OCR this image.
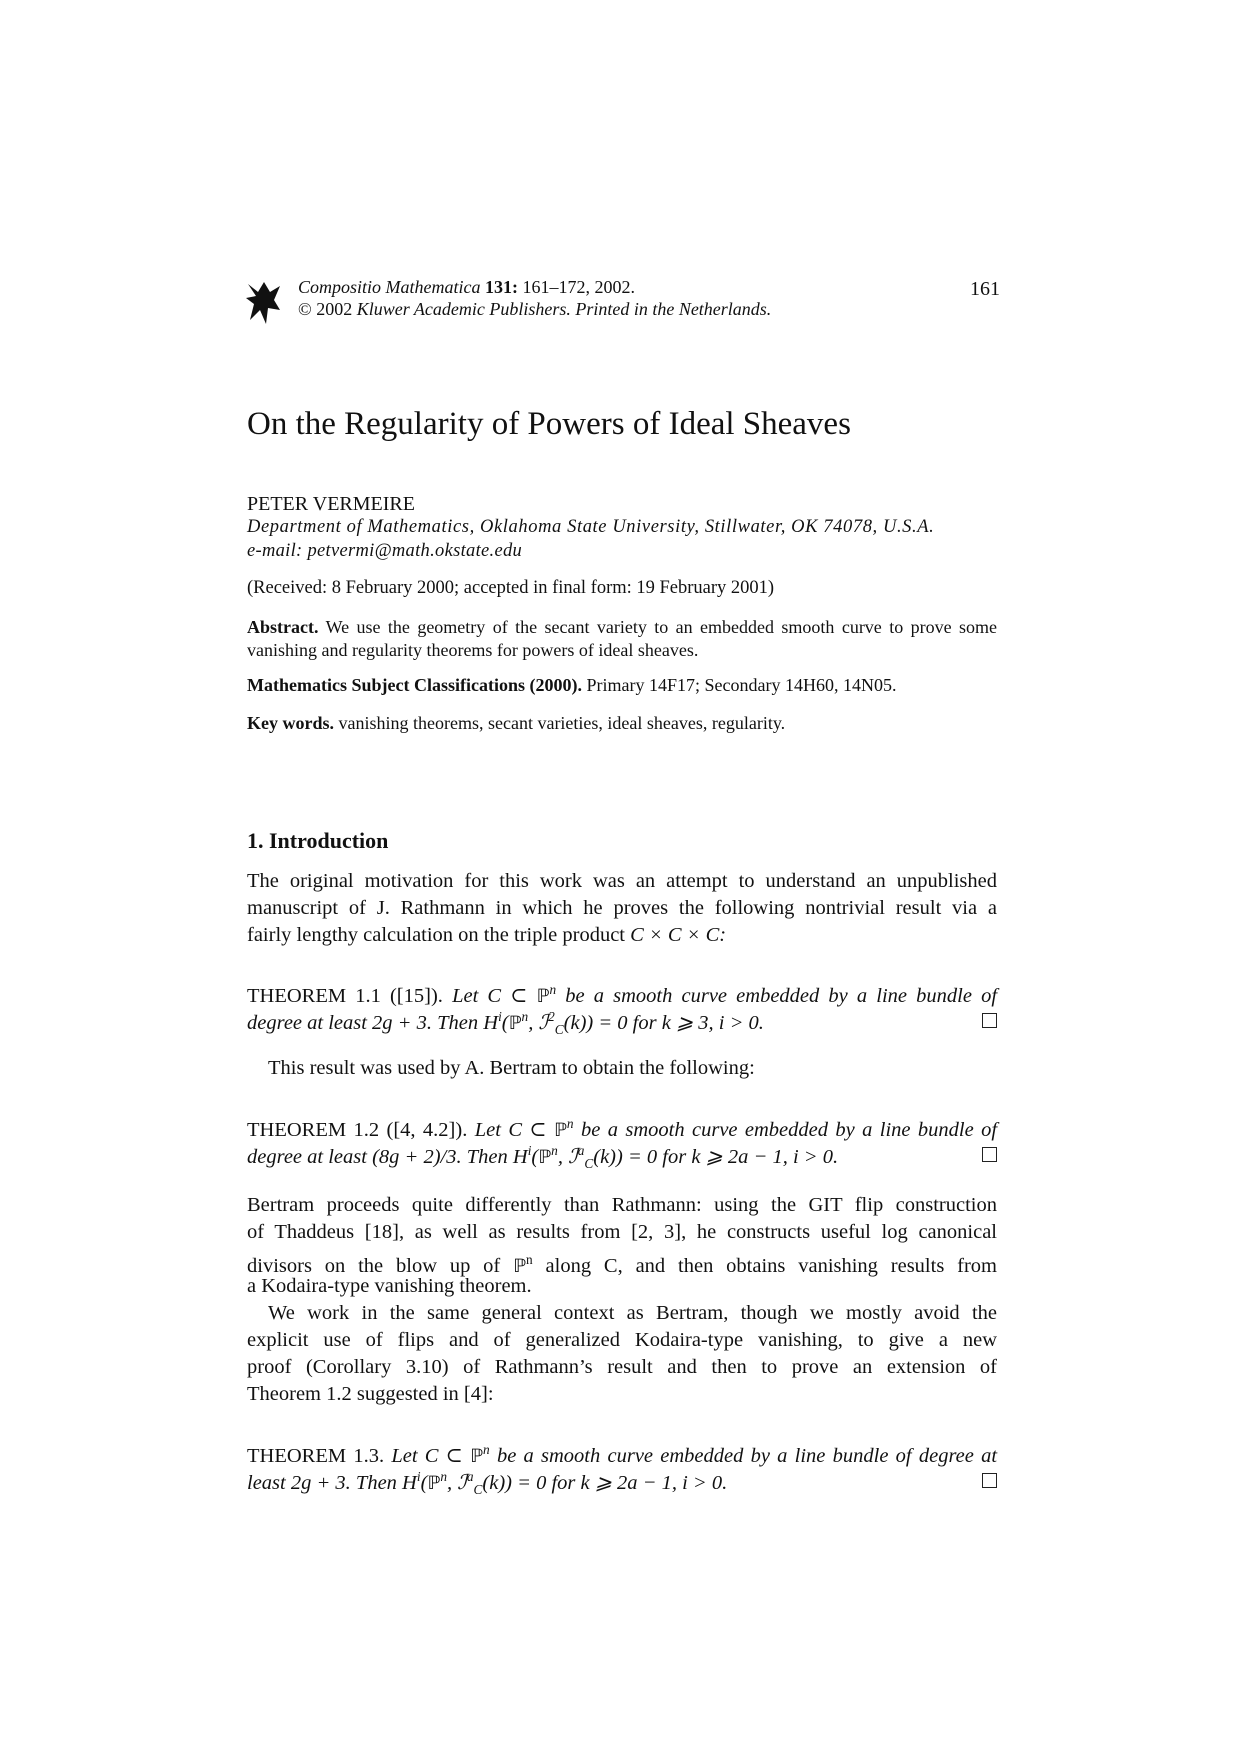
Compositio Mathematica 131: 161–172, 2002.
© 2002 Kluwer Academic Publishers. Printed in the Netherlands.
161
On the Regularity of Powers of Ideal Sheaves
PETER VERMEIRE
Department of Mathematics, Oklahoma State University, Stillwater, OK 74078, U.S.A.
e-mail: petvermi@math.okstate.edu
(Received: 8 February 2000; accepted in final form: 19 February 2001)
Abstract. We use the geometry of the secant variety to an embedded smooth curve to prove some vanishing and regularity theorems for powers of ideal sheaves.
Mathematics Subject Classifications (2000). Primary 14F17; Secondary 14H60, 14N05.
Key words. vanishing theorems, secant varieties, ideal sheaves, regularity.
1. Introduction
The original motivation for this work was an attempt to understand an unpublished
manuscript of J. Rathmann in which he proves the following nontrivial result via a
fairly lengthy calculation on the triple product C × C × C:
THEOREM 1.1 ([15]). Let C ⊂ ℙ$^n$ be a smooth curve embedded by a line bundle of
degree at least 2g + 3. Then $H^i(ℙ^n$, ℐ$^2_C$(k)) = 0 for k ⩾ 3, i > 0.
This result was used by A. Bertram to obtain the following:
THEOREM 1.2 ([4, 4.2]). Let C ⊂ ℙ$^n$ be a smooth curve embedded by a line bundle of
degree at least (8g + 2)/3. Then $H^i(ℙ^n$, ℐ$^a_C$(k)) = 0 for k ⩾ 2a − 1, i > 0.
Bertram proceeds quite differently than Rathmann: using the GIT flip construction
of Thaddeus [18], as well as results from [2, 3], he constructs useful log canonical
divisors on the blow up of ℙ$^n$ along C, and then obtains vanishing results from
a Kodaira-type vanishing theorem.
We work in the same general context as Bertram, though we mostly avoid the
explicit use of flips and of generalized Kodaira-type vanishing, to give a new
proof (Corollary 3.10) of Rathmann’s result and then to prove an extension of
Theorem 1.2 suggested in [4]:
THEOREM 1.3. Let C ⊂ ℙ$^n$ be a smooth curve embedded by a line bundle of degree at
least 2g + 3. Then $H^i(ℙ^n$, ℐ$^a_C$(k)) = 0 for k ⩾ 2a − 1, i > 0.
